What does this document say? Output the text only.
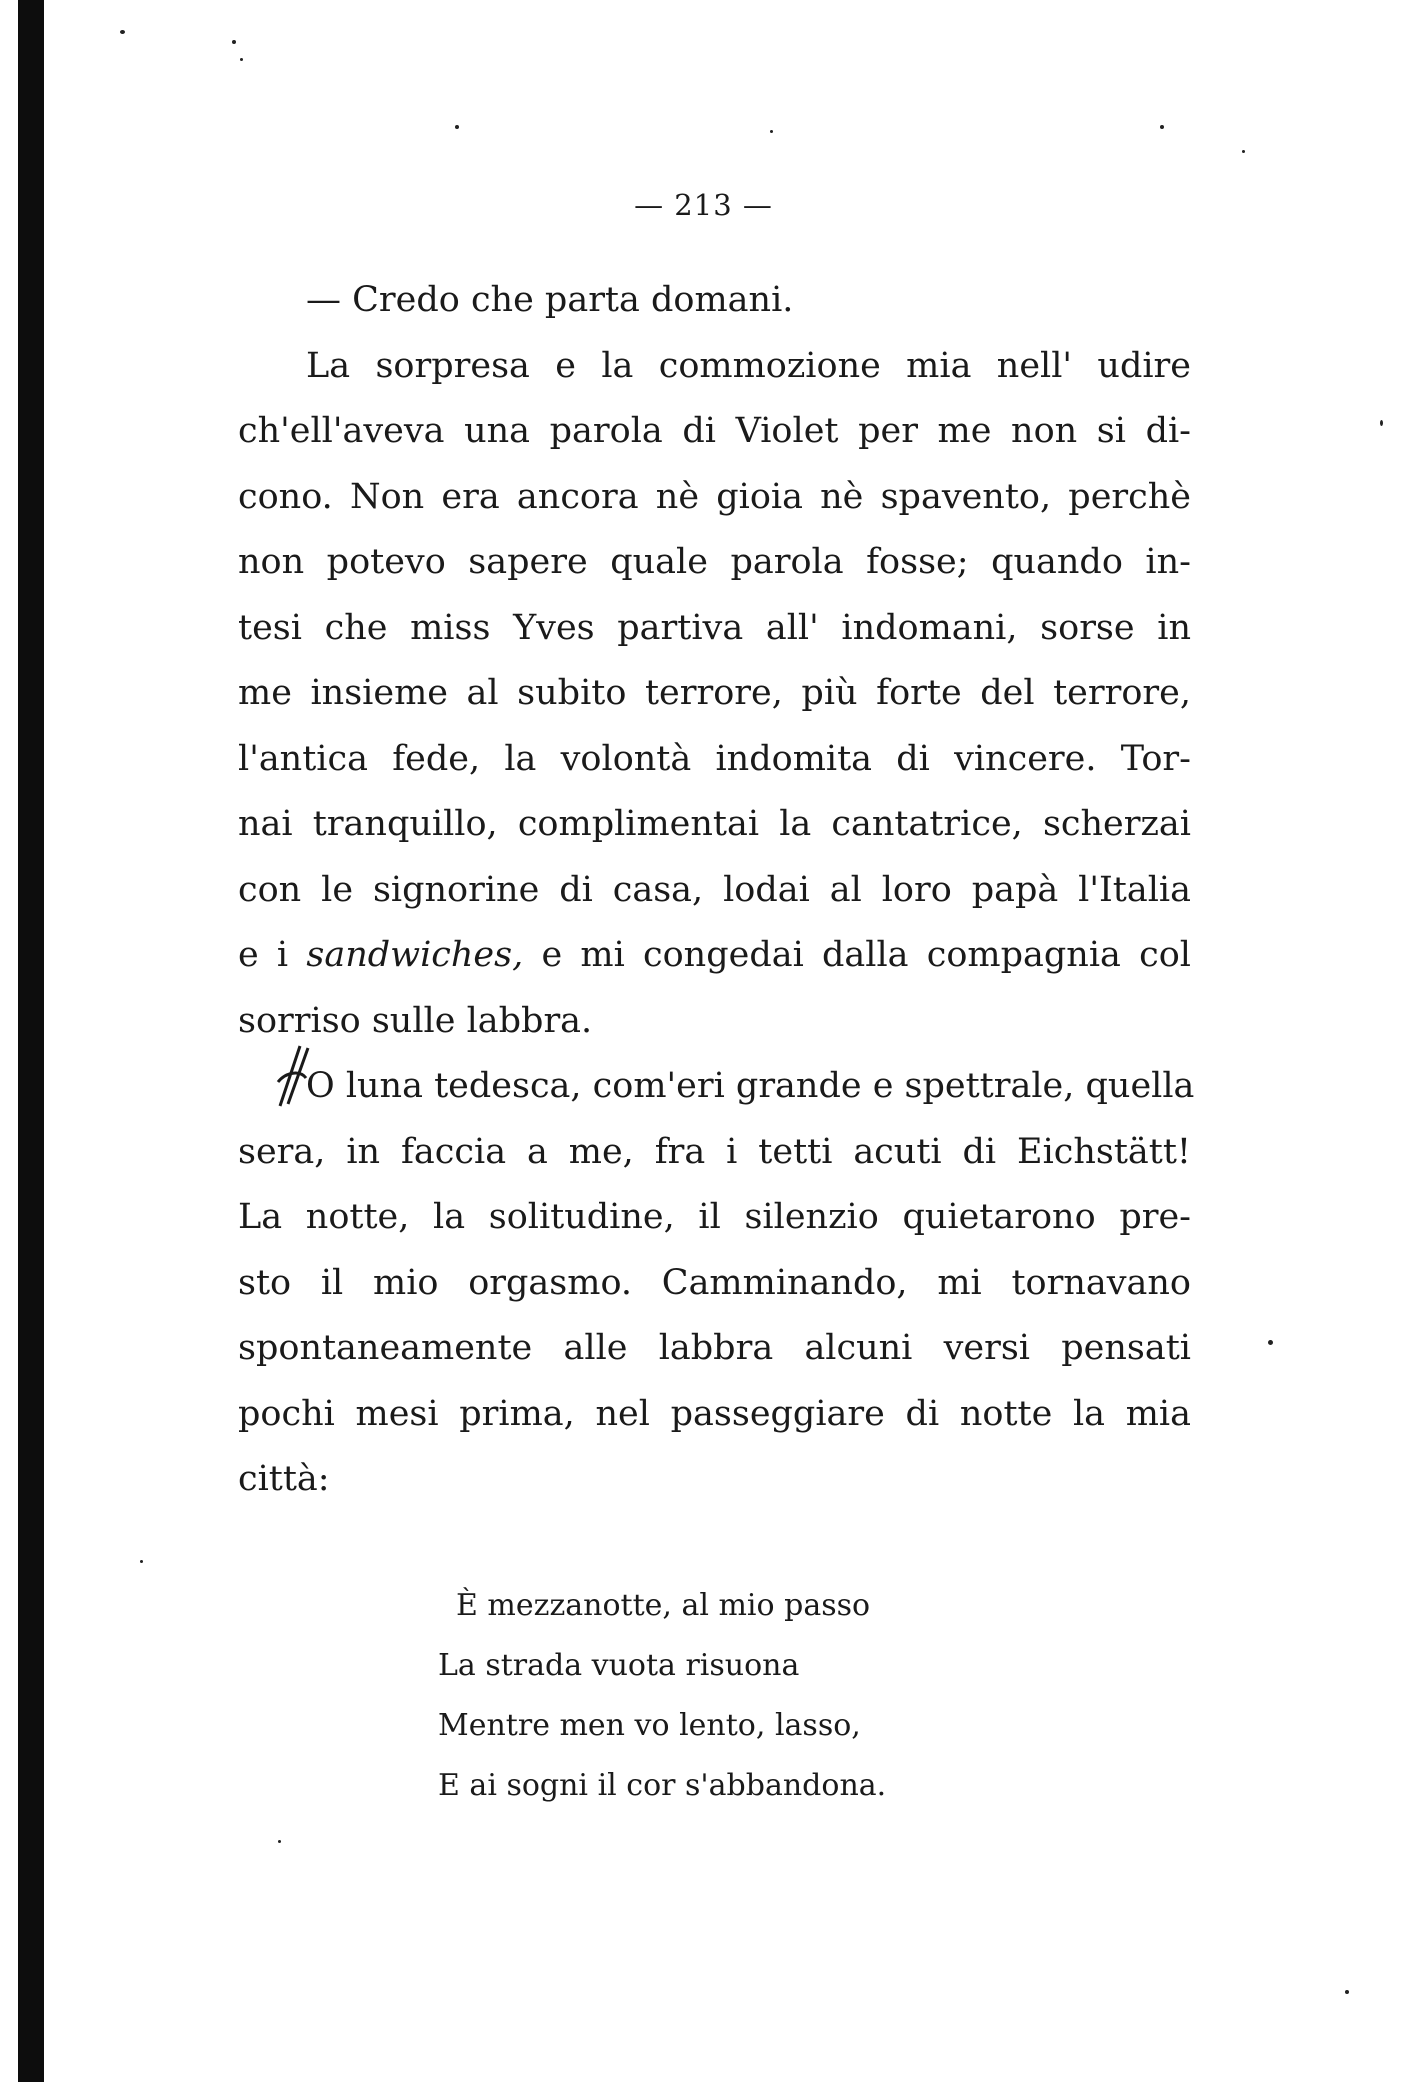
— 213 —
— Credo che parta domani.
La sorpresa e la commozione mia nell' udire
ch'ell'aveva una parola di Violet per me non si di-
cono. Non era ancora nè gioia nè spavento, perchè
non potevo sapere quale parola fosse; quando in-
tesi che miss Yves partiva all' indomani, sorse in
me insieme al subito terrore, più forte del terrore,
l'antica fede, la volontà indomita di vincere. Tor-
nai tranquillo, complimentai la cantatrice, scherzai
con le signorine di casa, lodai al loro papà l'Italia
e i sandwiches, e mi congedai dalla compagnia col
sorriso sulle labbra.
O luna tedesca, com'eri grande e spettrale, quella
sera, in faccia a me, fra i tetti acuti di Eichstätt!
La notte, la solitudine, il silenzio quietarono pre-
sto il mio orgasmo. Camminando, mi tornavano
spontaneamente alle labbra alcuni versi pensati
pochi mesi prima, nel passeggiare di notte la mia
città:
È mezzanotte, al mio passo
La strada vuota risuona
Mentre men vo lento, lasso,
E ai sogni il cor s'abbandona.
